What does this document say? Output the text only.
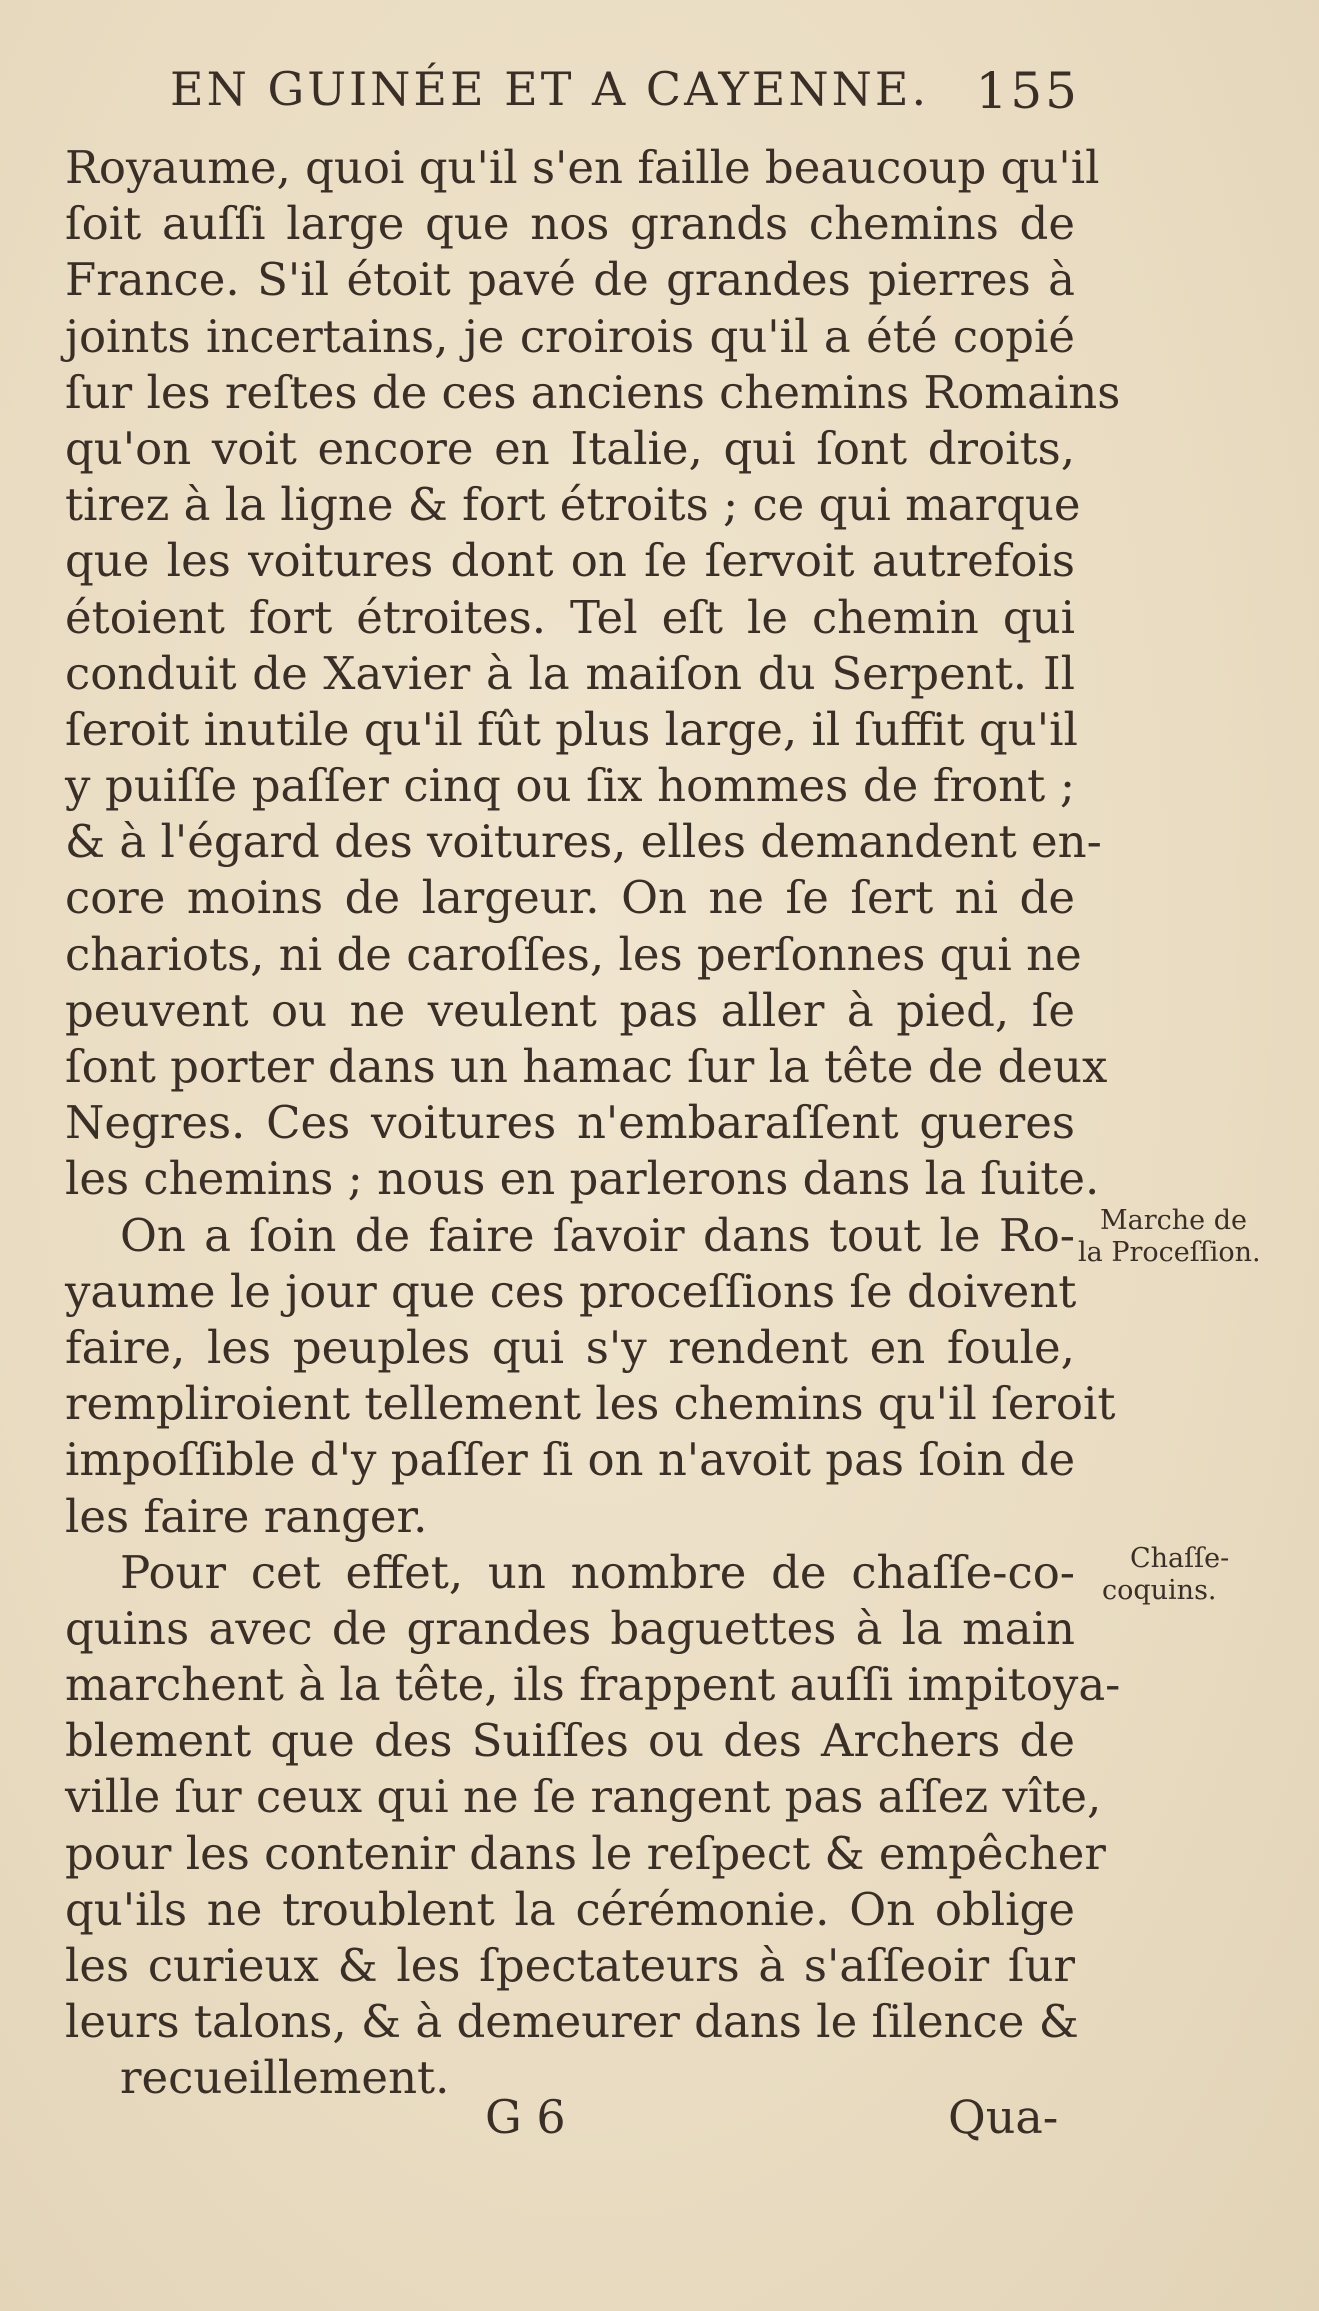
EN GUINÉE ET A CAYENNE. 155
Royaume, quoi qu'il s'en faille beaucoup qu'il
ſoit auſſi large que nos grands chemins de
France. S'il étoit pavé de grandes pierres à
joints incertains, je croirois qu'il a été copié
ſur les reſtes de ces anciens chemins Romains
qu'on voit encore en Italie, qui ſont droits,
tirez à la ligne & fort étroits ; ce qui marque
que les voitures dont on ſe ſervoit autrefois
étoient fort étroites. Tel eſt le chemin qui
conduit de Xavier à la maiſon du Serpent. Il
ſeroit inutile qu'il fût plus large, il ſuffit qu'il
y puiſſe paſſer cinq ou ſix hommes de front ;
& à l'égard des voitures, elles demandent en-
core moins de largeur. On ne ſe ſert ni de
chariots, ni de caroſſes, les perſonnes qui ne
peuvent ou ne veulent pas aller à pied, ſe
ſont porter dans un hamac ſur la tête de deux
Negres. Ces voitures n'embaraſſent gueres
les chemins ; nous en parlerons dans la ſuite.
On a ſoin de faire ſavoir dans tout le Ro-
yaume le jour que ces proceſſions ſe doivent
faire, les peuples qui s'y rendent en foule,
rempliroient tellement les chemins qu'il ſeroit
impoſſible d'y paſſer ſi on n'avoit pas ſoin de
les faire ranger.
Pour cet effet, un nombre de chaſſe-co-
quins avec de grandes baguettes à la main
marchent à la tête, ils frappent auſſi impitoya-
blement que des Suiſſes ou des Archers de
ville ſur ceux qui ne ſe rangent pas aſſez vîte,
pour les contenir dans le reſpect & empêcher
qu'ils ne troublent la cérémonie. On oblige
les curieux & les ſpectateurs à s'aſſeoir ſur
leurs talons, & à demeurer dans le ſilence &
recueillement.
Marche de
la Proceſſion.
Chaſſe-
coquins.
G 6	Qua-
